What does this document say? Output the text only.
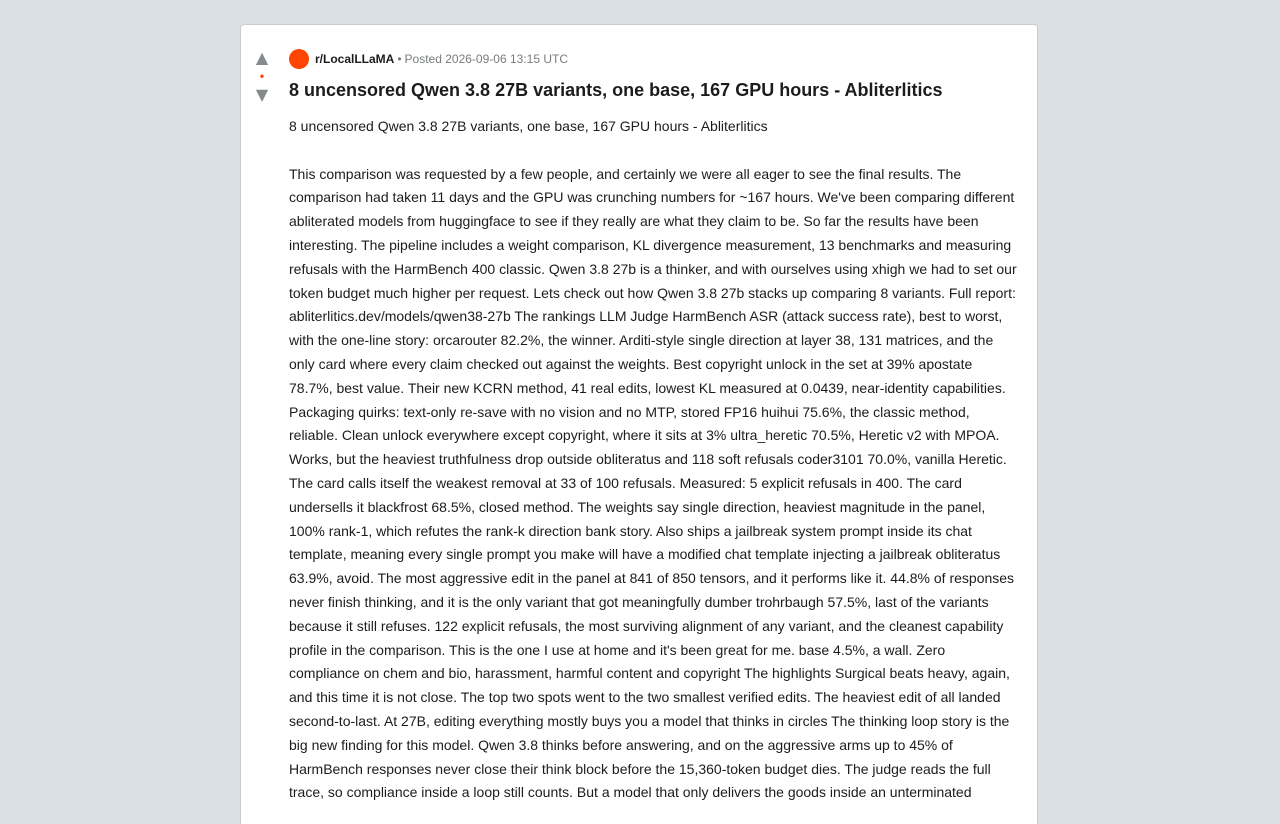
▲
•
▼
r/LocalLLaMA • Posted 2026-09-06 13:15 UTC
8 uncensored Qwen 3.8 27B variants, one base, 167 GPU hours - Abliterlitics

8 uncensored Qwen 3.8 27B variants, one base, 167 GPU hours - Abliterlitics

This comparison was requested by a few people, and certainly we were all eager to see the final results. The comparison had taken 11 days and the GPU was crunching numbers for ~167 hours. We've been comparing different abliterated models from huggingface to see if they really are what they claim to be. So far the results have been interesting. The pipeline includes a weight comparison, KL divergence measurement, 13 benchmarks and measuring refusals with the HarmBench 400 classic. Qwen 3.8 27b is a thinker, and with ourselves using xhigh we had to set our token budget much higher per request. Lets check out how Qwen 3.8 27b stacks up comparing 8 variants. Full report: abliterlitics.dev/models/qwen38-27b The rankings LLM Judge HarmBench ASR (attack success rate), best to worst, with the one-line story: orcarouter 82.2%, the winner. Arditi-style single direction at layer 38, 131 matrices, and the only card where every claim checked out against the weights. Best copyright unlock in the set at 39% apostate 78.7%, best value. Their new KCRN method, 41 real edits, lowest KL measured at 0.0439, near-identity capabilities. Packaging quirks: text-only re-save with no vision and no MTP, stored FP16 huihui 75.6%, the classic method, reliable. Clean unlock everywhere except copyright, where it sits at 3% ultra_heretic 70.5%, Heretic v2 with MPOA. Works, but the heaviest truthfulness drop outside obliteratus and 118 soft refusals coder3101 70.0%, vanilla Heretic. The card calls itself the weakest removal at 33 of 100 refusals. Measured: 5 explicit refusals in 400. The card undersells it blackfrost 68.5%, closed method. The weights say single direction, heaviest magnitude in the panel, 100% rank-1, which refutes the rank-k direction bank story. Also ships a jailbreak system prompt inside its chat template, meaning every single prompt you make will have a modified chat template injecting a jailbreak obliteratus 63.9%, avoid. The most aggressive edit in the panel at 841 of 850 tensors, and it performs like it. 44.8% of responses never finish thinking, and it is the only variant that got meaningfully dumber trohrbaugh 57.5%, last of the variants because it still refuses. 122 explicit refusals, the most surviving alignment of any variant, and the cleanest capability profile in the comparison. This is the one I use at home and it's been great for me. base 4.5%, a wall. Zero compliance on chem and bio, harassment, harmful content and copyright The highlights Surgical beats heavy, again, and this time it is not close. The top two spots went to the two smallest verified edits. The heaviest edit of all landed second-to-last. At 27B, editing everything mostly buys you a model that thinks in circles The thinking loop story is the big new finding for this model. Qwen 3.8 thinks before answering, and on the aggressive arms up to 45% of HarmBench responses never close their think block before the 15,360-token budget dies. The judge reads the full trace, so compliance inside a loop still counts. But a model that only delivers the goods inside an unterminated
